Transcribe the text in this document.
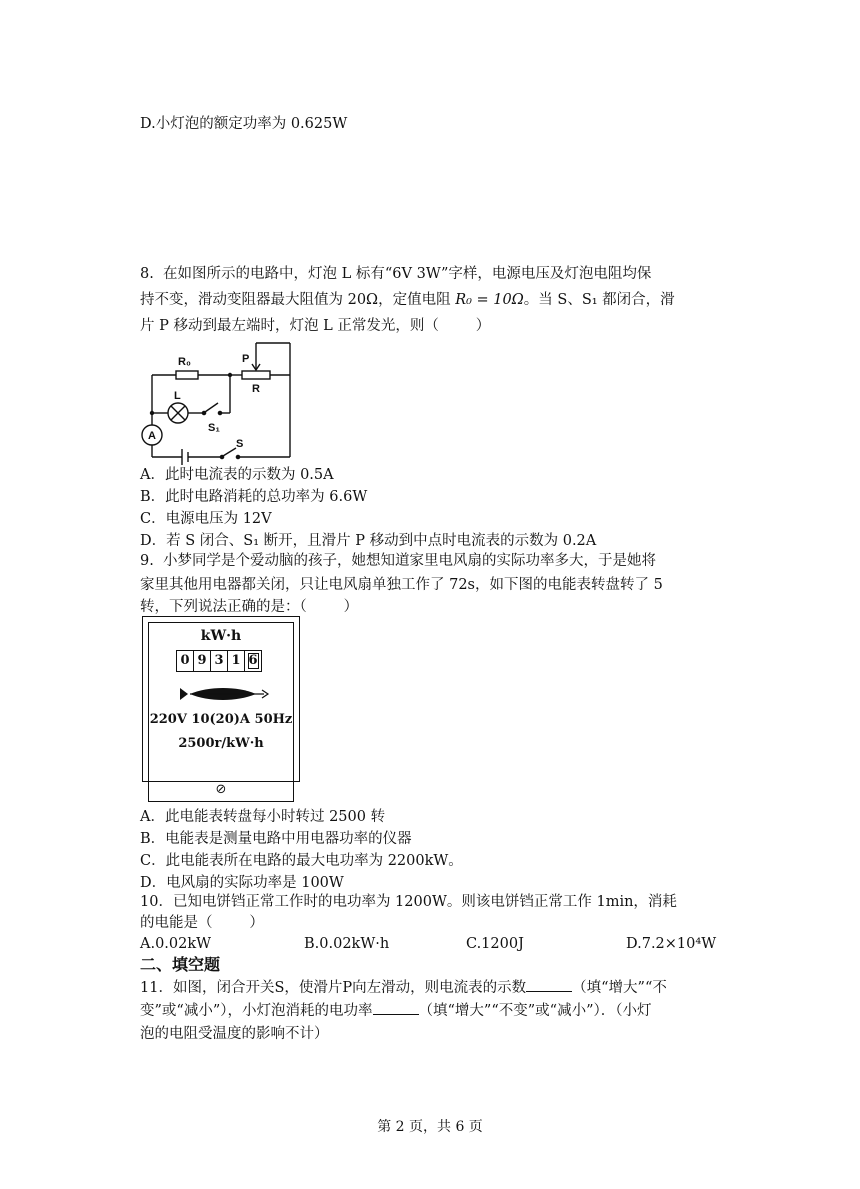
D.小灯泡的额定功率为 0.625W
8.  在如图所示的电路中，灯泡 L 标有“6V 3W”字样，电源电压及灯泡电阻均保
持不变，滑动变阻器最大阻值为 20Ω，定值电阻 R₀ = 10Ω。当 S、S₁ 都闭合，滑
片 P 移动到最左端时，灯泡 L 正常发光，则（        ）
R₀	P
R
L
S₁
A
S
A．此时电流表的示数为 0.5A
B．此时电路消耗的总功率为 6.6W
C．电源电压为 12V
D．若 S 闭合、S₁ 断开，且滑片 P 移动到中点时电流表的示数为 0.2A
9.  小梦同学是个爱动脑的孩子，她想知道家里电风扇的实际功率多大，于是她将
家里其他用电器都关闭，只让电风扇单独工作了 72s，如下图的电能表转盘转了 5
转，下列说法正确的是：（        ）
⊘
kW·h
0 9 3 1 6
220V 10(20)A 50Hz
2500r/kW·h
A．此电能表转盘每小时转过 2500 转
B．电能表是测量电路中用电器功率的仪器
C．此电能表所在电路的最大电功率为 2200kW。
D．电风扇的实际功率是 100W
10．已知电饼铛正常工作时的电功率为 1200W。则该电饼铛正常工作 1min，消耗
的电能是（        ）
A.0.02kW	B.0.02kW·h	C.1200J	D.7.2×10⁴W
二、填空题
11．如图，闭合开关S，使滑片P向左滑动，则电流表的示数	（填“增大”“不
变”或“减小”），小灯泡消耗的电功率	（填“增大”“不变”或“减小”）．（小灯
泡的电阻受温度的影响不计）
第 2 页，共 6 页
